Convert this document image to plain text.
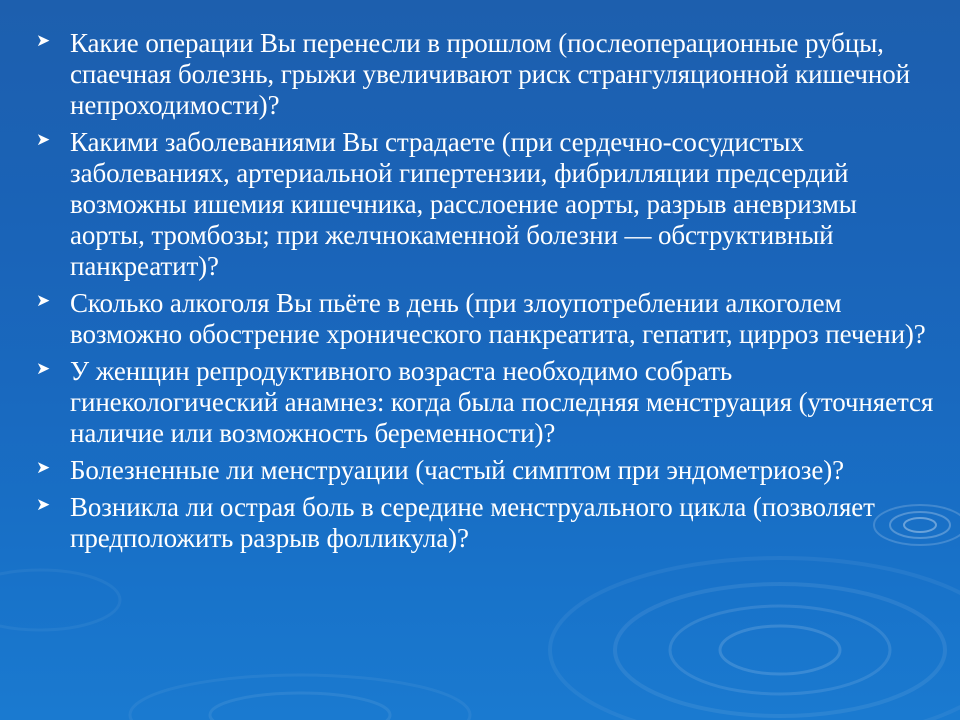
➤ Какие операции Вы перенесли в прошлом (послеоперационные рубцы, спаечная болезнь, грыжи увеличивают риск странгуляционной кишечной непроходимости)?
➤ Какими заболеваниями Вы страдаете (при сердечно-сосудистых заболеваниях, артериальной гипертензии, фибрилляции предсердий возможны ишемия кишечника, расслоение аорты, разрыв аневризмы аорты, тромбозы; при желчнокаменной болезни — обструктивный панкреатит)?
➤ Сколько алкоголя Вы пьёте в день (при злоупотреблении алкоголем возможно обострение хронического панкреатита, гепатит, цирроз печени)?
➤ У женщин репродуктивного возраста необходимо собрать гинекологический анамнез: когда была последняя менструация (уточняется наличие или возможность беременности)?
➤ Болезненные ли менструации (частый симптом при эндометриозе)?
➤ Возникла ли острая боль в середине менструального цикла (позволяет предположить разрыв фолликула)?
